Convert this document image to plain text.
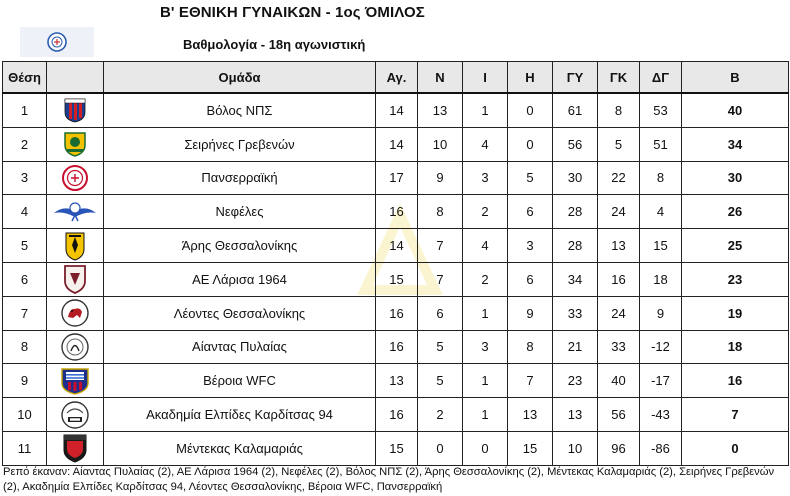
Β' ΕΘΝΙΚΗ ΓΥΝΑΙΚΩΝ - 1ος ΌΜΙΛΟΣ
Βαθμολογία - 18η αγωνιστική
Θέση		Ομάδα	Αγ.	Ν	Ι	Η	ΓΥ	ΓΚ	ΔΓ	Β
1		Βόλος ΝΠΣ	14	13	1	0	61	8	53	40
2		Σειρήνες Γρεβενών	14	10	4	0	56	5	51	34
3		Πανσερραϊκή	17	9	3	5	30	22	8	30
4		Νεφέλες	16	8	2	6	28	24	4	26
5		Άρης Θεσσαλονίκης	14	7	4	3	28	13	15	25
6		ΑΕ Λάρισα 1964	15	7	2	6	34	16	18	23
7		Λέοντες Θεσσαλονίκης	16	6	1	9	33	24	9	19
8		Αίαντας Πυλαίας	16	5	3	8	21	33	-12	18
9		Βέροια WFC	13	5	1	7	23	40	-17	16
10		Ακαδημία Ελπίδες Καρδίτσας 94	16	2	1	13	13	56	-43	7
11		Μέντεκας Καλαμαριάς	15	0	0	15	10	96	-86	0
Ρεπό έκαναν: Αίαντας Πυλαίας (2), ΑΕ Λάρισα 1964 (2), Νεφέλες (2), Βόλος ΝΠΣ (2), Άρης Θεσσαλονίκης (2), Μέντεκας Καλαμαριάς (2), Σειρήνες Γρεβενών (2), Ακαδημία Ελπίδες Καρδίτσας 94, Λέοντες Θεσσαλονίκης, Βέροια WFC, Πανσερραϊκή
